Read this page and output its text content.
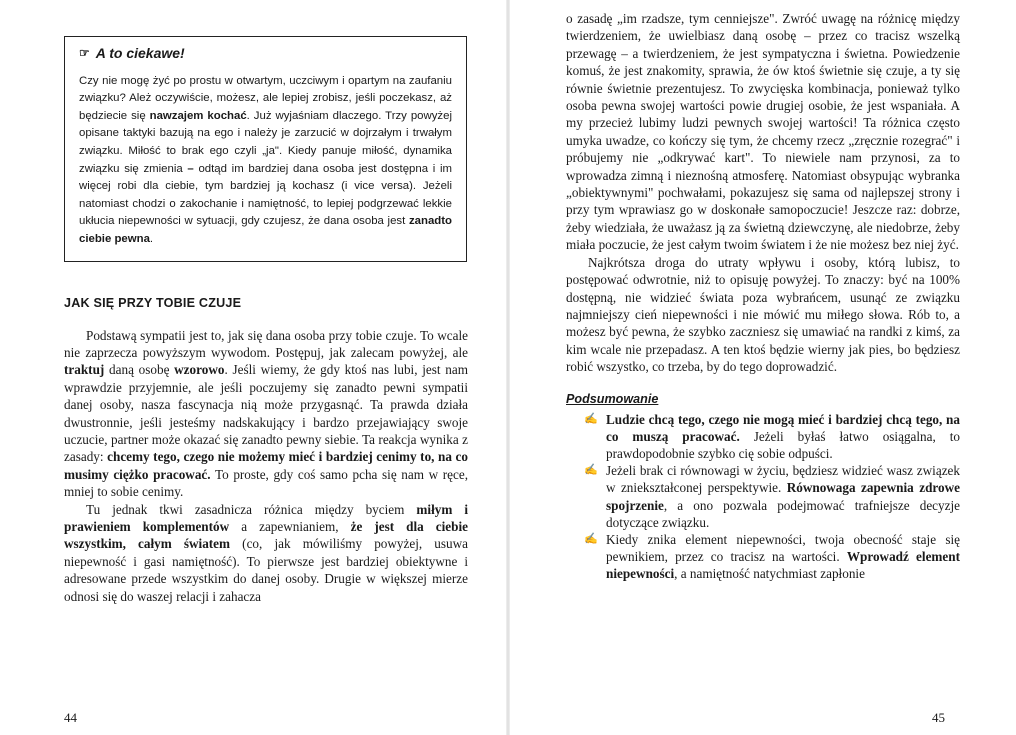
☞ A to ciekawe!

Czy nie mogę żyć po prostu w otwartym, uczciwym i opartym na zaufaniu związku? Ależ oczywiście, możesz, ale lepiej zrobisz, jeśli poczekasz, aż będziecie się nawzajem kochać. Już wyjaśniam dlaczego. Trzy powyżej opisane taktyki bazują na ego i należy je zarzucić w dojrzałym i trwałym związku. Miłość to brak ego czyli „ja". Kiedy panuje miłość, dynamika związku się zmienia – odtąd im bardziej dana osoba jest dostępna i im więcej robi dla ciebie, tym bardziej ją kochasz (i vice versa). Jeżeli natomiast chodzi o zakochanie i namiętność, to lepiej podgrzewać lekkie ukłucia niepewności w sytuacji, gdy czujesz, że dana osoba jest zanadto ciebie pewna.

JAK SIĘ PRZY TOBIE CZUJE

Podstawą sympatii jest to, jak się dana osoba przy tobie czuje. To wcale nie zaprzecza powyższym wywodom. Postępuj, jak zalecam powyżej, ale traktuj daną osobę wzorowo. Jeśli wiemy, że gdy ktoś nas lubi, jest nam wprawdzie przyjemnie, ale jeśli poczujemy się zanadto pewni sympatii danej osoby, nasza fascynacja nią może przygasnąć. Ta prawda działa dwustronnie, jeśli jesteśmy nadskakujący i bardzo przejawiający swoje uczucie, partner może okazać się zanadto pewny siebie. Ta reakcja wynika z zasady: chcemy tego, czego nie możemy mieć i bardziej cenimy to, na co musimy ciężko pracować. To proste, gdy coś samo pcha się nam w ręce, mniej to sobie cenimy.

Tu jednak tkwi zasadnicza różnica między byciem miłym i prawieniem komplementów a zapewnianiem, że jest dla ciebie wszystkim, całym światem (co, jak mówiliśmy powyżej, usuwa niepewność i gasi namiętność). To pierwsze jest bardziej obiektywne i adresowane przede wszystkim do danej osoby. Drugie w większej mierze odnosi się do waszej relacji i zahacza

44

o zasadę „im rzadsze, tym cenniejsze". Zwróć uwagę na różnicę między twierdzeniem, że uwielbiasz daną osobę – przez co tracisz wszelką przewagę – a twierdzeniem, że jest sympatyczna i świetna. Powiedzenie komuś, że jest znakomity, sprawia, że ów ktoś świetnie się czuje, a ty się równie świetnie prezentujesz. To zwycięska kombinacja, ponieważ tylko osoba pewna swojej wartości powie drugiej osobie, że jest wspaniała. A my przecież lubimy ludzi pewnych swojej wartości! Ta różnica często umyka uwadze, co kończy się tym, że chcemy rzecz „zręcznie rozegrać" i próbujemy nie „odkrywać kart". To niewiele nam przynosi, za to wprowadza zimną i nieznośną atmosferę. Natomiast obsypując wybranka „obiektywnymi" pochwałami, pokazujesz się sama od najlepszej strony i przy tym wprawiasz go w doskonałe samopoczucie! Jeszcze raz: dobrze, żeby wiedziała, że uważasz ją za świetną dziewczynę, ale niedobrze, żeby miała poczucie, że jest całym twoim światem i że nie możesz bez niej żyć.

Najkrótsza droga do utraty wpływu i osoby, którą lubisz, to postępować odwrotnie, niż to opisuję powyżej. To znaczy: być na 100% dostępną, nie widzieć świata poza wybrańcem, usunąć ze związku najmniejszy cień niepewności i nie mówić mu miłego słowa. Rób to, a możesz być pewna, że szybko zaczniesz się umawiać na randki z kimś, za kim wcale nie przepadasz. A ten ktoś będzie wierny jak pies, bo będziesz robić wszystko, co trzeba, by do tego doprowadzić.

Podsumowanie
✍ Ludzie chcą tego, czego nie mogą mieć i bardziej chcą tego, na co muszą pracować. Jeżeli byłaś łatwo osiągalna, to prawdopodobnie szybko cię sobie odpuści.
✍ Jeżeli brak ci równowagi w życiu, będziesz widzieć wasz związek w zniekształconej perspektywie. Równowaga zapewnia zdrowe spojrzenie, a ono pozwala podejmować trafniejsze decyzje dotyczące związku.
✍ Kiedy znika element niepewności, twoja obecność staje się pewnikiem, przez co tracisz na wartości. Wprowadź element niepewności, a namiętność natychmiast zapłonie
45
